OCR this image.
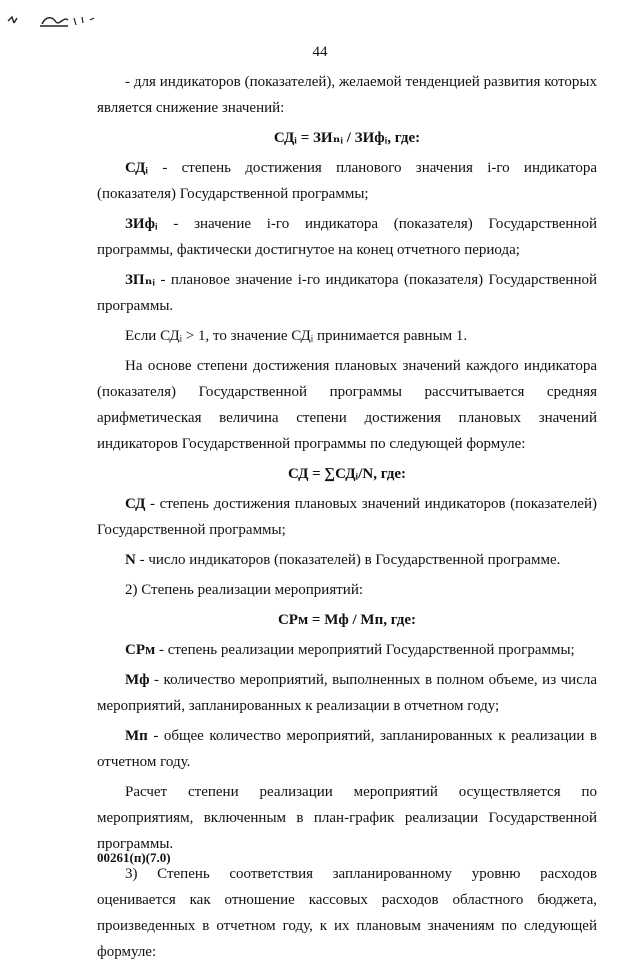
44

- для индикаторов (показателей), желаемой тенденцией развития которых является снижение значений:

СДᵢ = ЗИₙᵢ / ЗИфᵢ, где:

СДᵢ - степень достижения планового значения i-го индикатора (показателя) Государственной программы;

ЗИфᵢ - значение i-го индикатора (показателя) Государственной программы, фактически достигнутое на конец отчетного периода;

ЗПₙᵢ - плановое значение i-го индикатора (показателя) Государственной программы.

Если СДᵢ > 1, то значение СДᵢ принимается равным 1.

На основе степени достижения плановых значений каждого индикатора (показателя) Государственной программы рассчитывается средняя арифметическая величина степени достижения плановых значений индикаторов Государственной программы по следующей формуле:

СД = ∑СДᵢ/N, где:

СД - степень достижения плановых значений индикаторов (показателей) Государственной программы;

N - число индикаторов (показателей) в Государственной программе.

2) Степень реализации мероприятий:

СРм = Мф / Мп, где:

СРм - степень реализации мероприятий Государственной программы;

Мф - количество мероприятий, выполненных в полном объеме, из числа мероприятий, запланированных к реализации в отчетном году;

Мп - общее количество мероприятий, запланированных к реализации в отчетном году.

Расчет степени реализации мероприятий осуществляется по мероприятиям, включенным в план-график реализации Государственной программы.

3) Степень соответствия запланированному уровню расходов оценивается как отношение кассовых расходов областного бюджета, произведенных в отчетном году, к их плановым значениям по следующей формуле:

00261(п)(7.0)
